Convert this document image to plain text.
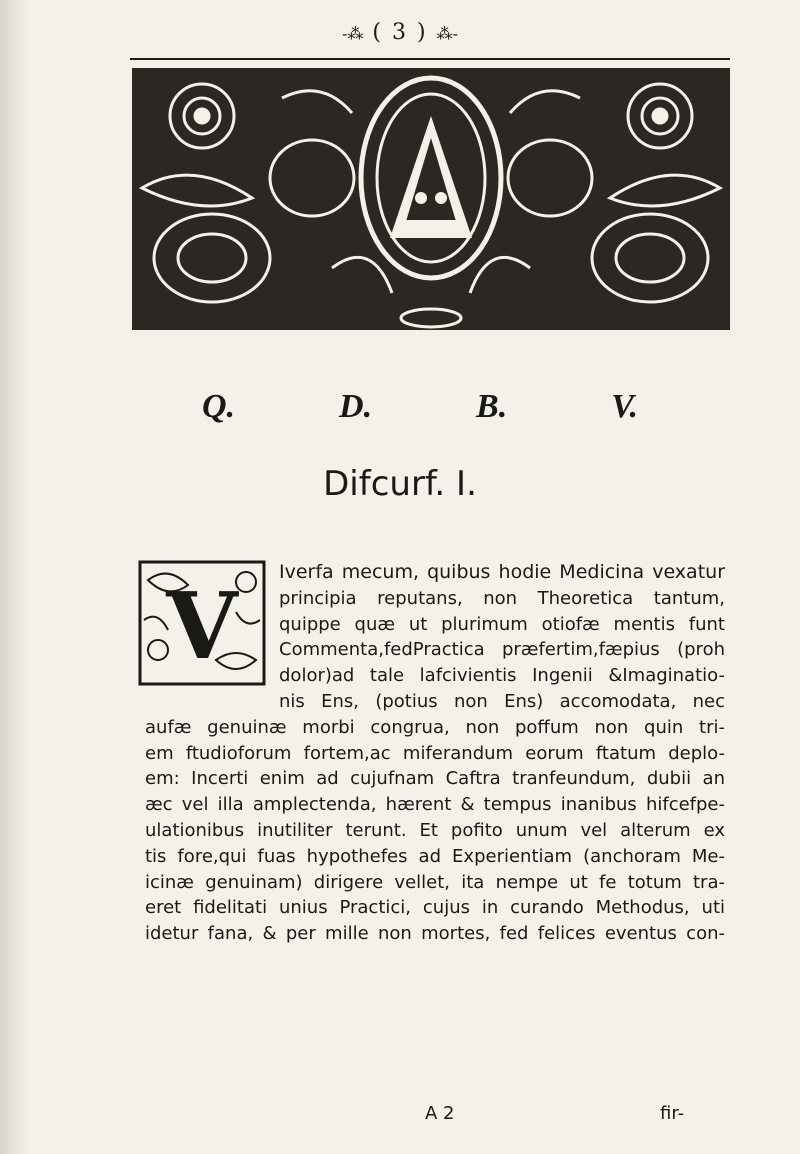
-⁂ ( 3 ) ⁂-
Q.	D.	B.	V.
Difcurf. I.
V	Iverfa mecum, quibus hodie Medicina vexatur
principia reputans, non Theoretica tantum,
quippe quæ ut plurimum otiofæ mentis funt
Commenta,fedPractica præfertim,fæpius (proh
dolor)ad tale lafcivientis Ingenii &Imaginatio-
nis Ens, (potius non Ens) accomodata, nec
aufæ genuinæ morbi congrua, non poffum non quin tri-
em ftudioforum fortem,ac miferandum eorum ftatum deplo-
em: Incerti enim ad cujufnam Caftra tranfeundum, dubii an
æc vel illa amplectenda, hærent & tempus inanibus hifcefpe-
ulationibus inutiliter terunt. Et pofito unum vel alterum ex
tis fore,qui fuas hypothefes ad Experientiam (anchoram Me-
icinæ genuinam) dirigere vellet, ita nempe ut fe totum tra-
eret fidelitati unius Practici, cujus in curando Methodus, uti
idetur fana, & per mille non mortes, fed felices eventus con-
A 2	fir-
